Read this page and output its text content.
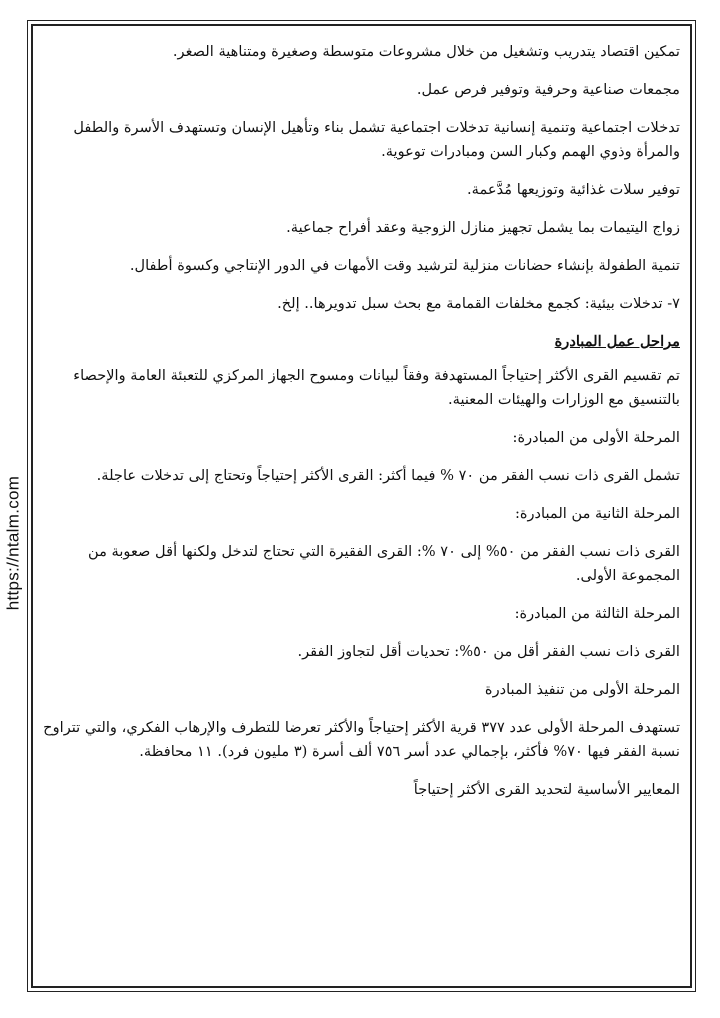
https://ntalm.com

تمكين اقتصاد يتدريب وتشغيل من خلال مشروعات متوسطة وصغيرة ومتناهية الصغر.

مجمعات صناعية وحرفية وتوفير فرص عمل.

تدخلات اجتماعية وتنمية إنسانية تدخلات اجتماعية تشمل بناء وتأهيل الإنسان وتستهدف الأسرة والطفل والمرأة وذوي الهمم وكبار السن ومبادرات توعوية.

توفير سلات غذائية وتوزيعها مُدَّعمة.

زواج اليتيمات بما يشمل تجهيز منازل الزوجية وعقد أفراح جماعية.

تنمية الطفولة بإنشاء حضانات منزلية لترشيد وقت الأمهات في الدور الإنتاجي وكسوة أطفال.

٧- تدخلات بيئية: كجمع مخلفات القمامة مع بحث سبل تدويرها.. إلخ.

مراحل عمل المبادرة

تم تقسيم القرى الأكثر إحتياجاً المستهدفة وفقاً لبيانات ومسوح الجهاز المركزي للتعبئة العامة والإحصاء بالتنسيق مع الوزارات والهيئات المعنية.

المرحلة الأولى من المبادرة:

تشمل القرى ذات نسب الفقر من ٧٠ % فيما أكثر: القرى الأكثر إحتياجاً وتحتاج إلى تدخلات عاجلة.

المرحلة الثانية من المبادرة:

القرى ذات نسب الفقر من ٥٠% إلى ٧٠ %: القرى الفقيرة التي تحتاج لتدخل ولكنها أقل صعوبة من المجموعة الأولى.

المرحلة الثالثة من المبادرة:

القرى ذات نسب الفقر أقل من ٥٠%: تحديات أقل لتجاوز الفقر.

المرحلة الأولى من تنفيذ المبادرة

تستهدف المرحلة الأولى عدد ٣٧٧ قرية الأكثر إحتياجاً والأكثر تعرضا للتطرف والإرهاب الفكري، والتي تتراوح نسبة الفقر فيها ٧٠% فأكثر، بإجمالي عدد أسر ٧٥٦ ألف أسرة (٣ مليون فرد). ١١ محافظة.

المعايير الأساسية لتحديد القرى الأكثر إحتياجاً
